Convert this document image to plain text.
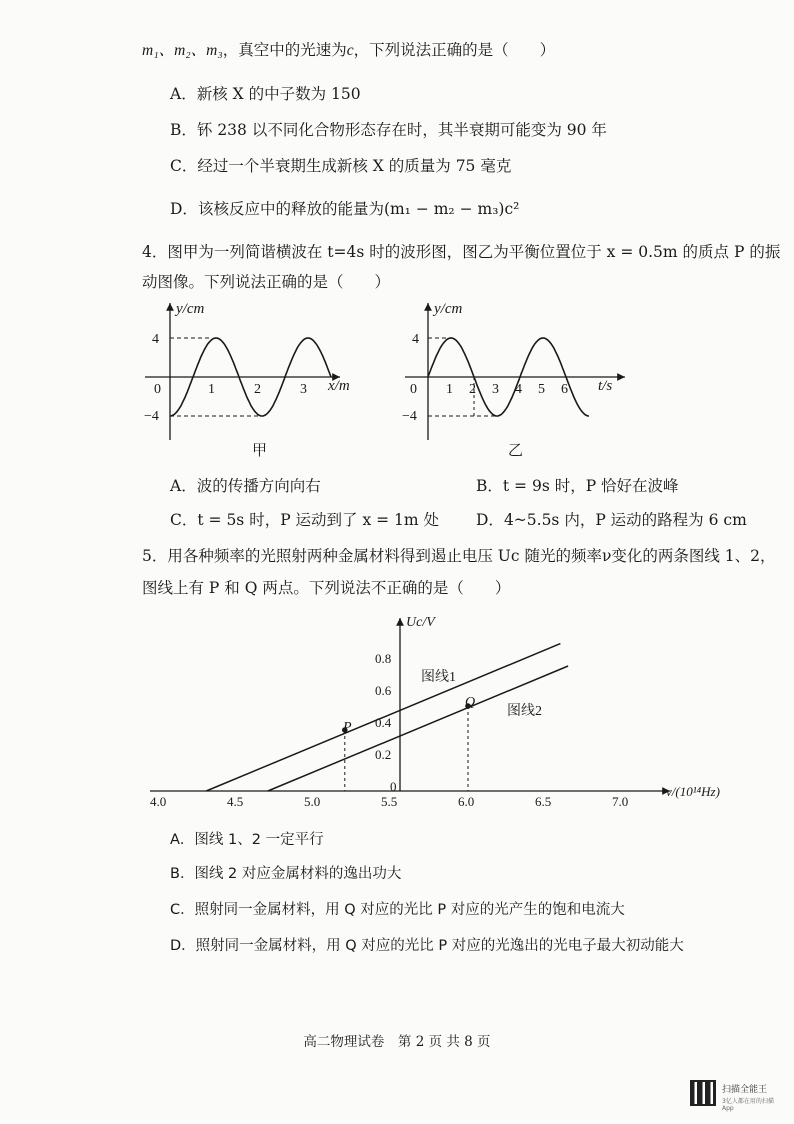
m₁、m₂、m₃，真空中的光速为c，下列说法正确的是（　　）
A．新核 X 的中子数为 150
B．钚 238 以不同化合物形态存在时，其半衰期可能变为 90 年
C．经过一个半衰期生成新核 X 的质量为 75 毫克
D．该核反应中的释放的能量为(m₁ − m₂ − m₃)c²
4．图甲为一列简谐横波在 t=4s 时的波形图，图乙为平衡位置位于 x = 0.5m 的质点 P 的振
动图像。下列说法正确的是（　　）
y/cm
x/m
4
−4
0	1	2	3
甲
y/cm
t/s
4
−4
0 1 2 3 4 5 6
乙
A．波的传播方向向右	B．t = 9s 时，P 恰好在波峰
C．t = 5s 时，P 运动到了 x = 1m 处 D．4~5.5s 内，P 运动的路程为 6 cm
5．用各种频率的光照射两种金属材料得到遏止电压 Uc 随光的频率ν变化的两条图线 1、2，
图线上有 P 和 Q 两点。下列说法不正确的是（　　）
Uc/V
ν/(10¹⁴Hz)
4.0	4.5	5.0	5.5	6.0	6.5	7.0
0
0.2
0.4
0.6
0.8
图线1
图线2
P
Q
A．图线 1、2 一定平行
B．图线 2 对应金属材料的逸出功大
C．照射同一金属材料，用 Q 对应的光比 P 对应的光产生的饱和电流大
D．照射同一金属材料，用 Q 对应的光比 P 对应的光逸出的光电子最大初动能大
高二物理试卷　第 2 页 共 8 页
扫描全能王
3亿人都在用的扫描App
